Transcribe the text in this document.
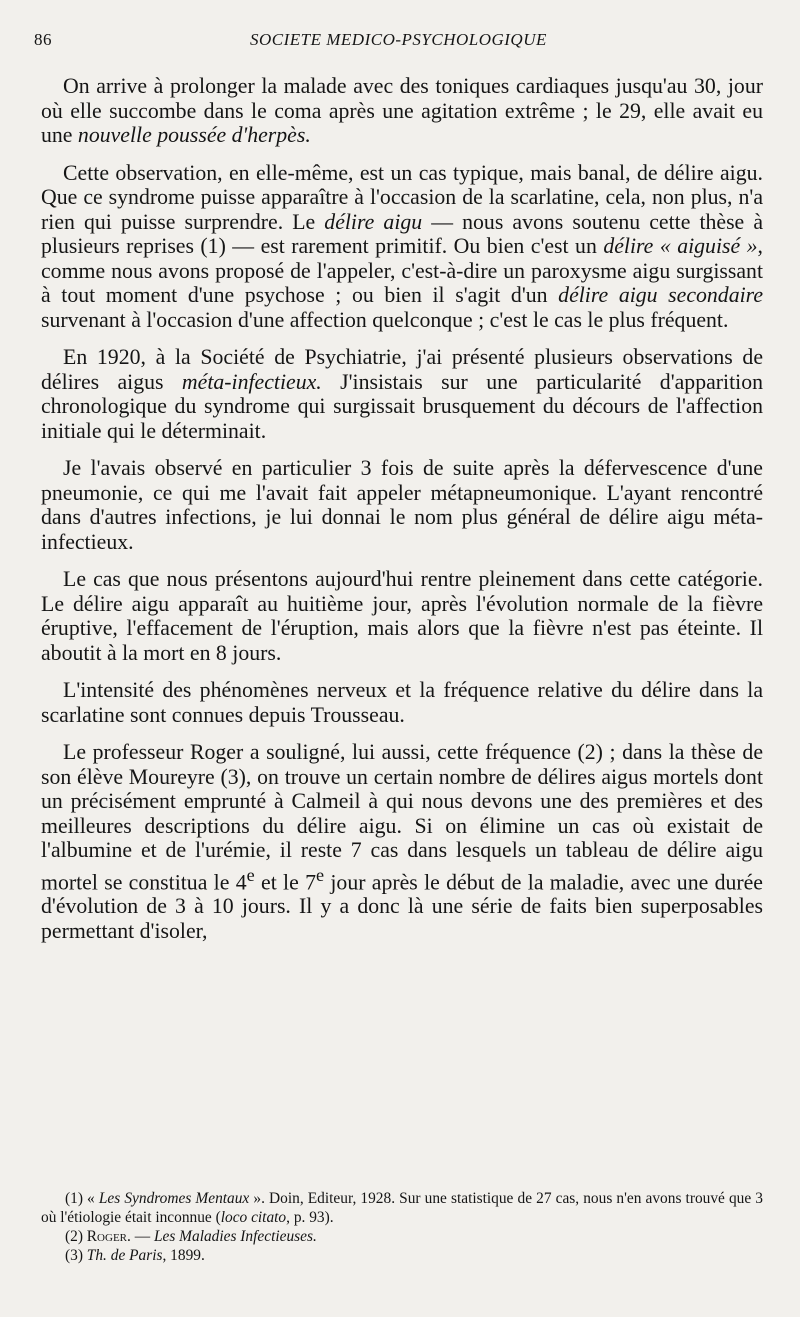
86	SOCIETE MEDICO-PSYCHOLOGIQUE

On arrive à prolonger la malade avec des toniques cardiaques jusqu'au 30, jour où elle succombe dans le coma après une agitation extrême ; le 29, elle avait eu une nouvelle poussée d'herpès.

Cette observation, en elle-même, est un cas typique, mais banal, de délire aigu. Que ce syndrome puisse apparaître à l'occasion de la scarlatine, cela, non plus, n'a rien qui puisse surprendre. Le délire aigu — nous avons soutenu cette thèse à plusieurs reprises (1) — est rarement primitif. Ou bien c'est un délire « aiguisé », comme nous avons proposé de l'appeler, c'est-à-dire un paroxysme aigu surgissant à tout moment d'une psychose ; ou bien il s'agit d'un délire aigu secondaire survenant à l'occasion d'une affection quelconque ; c'est le cas le plus fréquent.

En 1920, à la Société de Psychiatrie, j'ai présenté plusieurs observations de délires aigus méta-infectieux. J'insistais sur une particularité d'apparition chronologique du syndrome qui surgissait brusquement du décours de l'affection initiale qui le déterminait.

Je l'avais observé en particulier 3 fois de suite après la défervescence d'une pneumonie, ce qui me l'avait fait appeler métapneumonique. L'ayant rencontré dans d'autres infections, je lui donnai le nom plus général de délire aigu méta-infectieux.

Le cas que nous présentons aujourd'hui rentre pleinement dans cette catégorie. Le délire aigu apparaît au huitième jour, après l'évolution normale de la fièvre éruptive, l'effacement de l'éruption, mais alors que la fièvre n'est pas éteinte. Il aboutit à la mort en 8 jours.

L'intensité des phénomènes nerveux et la fréquence relative du délire dans la scarlatine sont connues depuis Trousseau.

Le professeur Roger a souligné, lui aussi, cette fréquence (2) ; dans la thèse de son élève Moureyre (3), on trouve un certain nombre de délires aigus mortels dont un précisément emprunté à Calmeil à qui nous devons une des premières et des meilleures descriptions du délire aigu. Si on élimine un cas où existait de l'albumine et de l'urémie, il reste 7 cas dans lesquels un tableau de délire aigu mortel se constitua le 4e et le 7e jour après le début de la maladie, avec une durée d'évolution de 3 à 10 jours. Il y a donc là une série de faits bien superposables permettant d'isoler,

(1) « Les Syndromes Mentaux ». Doin, Editeur, 1928. Sur une statistique de 27 cas, nous n'en avons trouvé que 3 où l'étiologie était inconnue (loco citato, p. 93).

(2) Roger. — Les Maladies Infectieuses.

(3) Th. de Paris, 1899.
